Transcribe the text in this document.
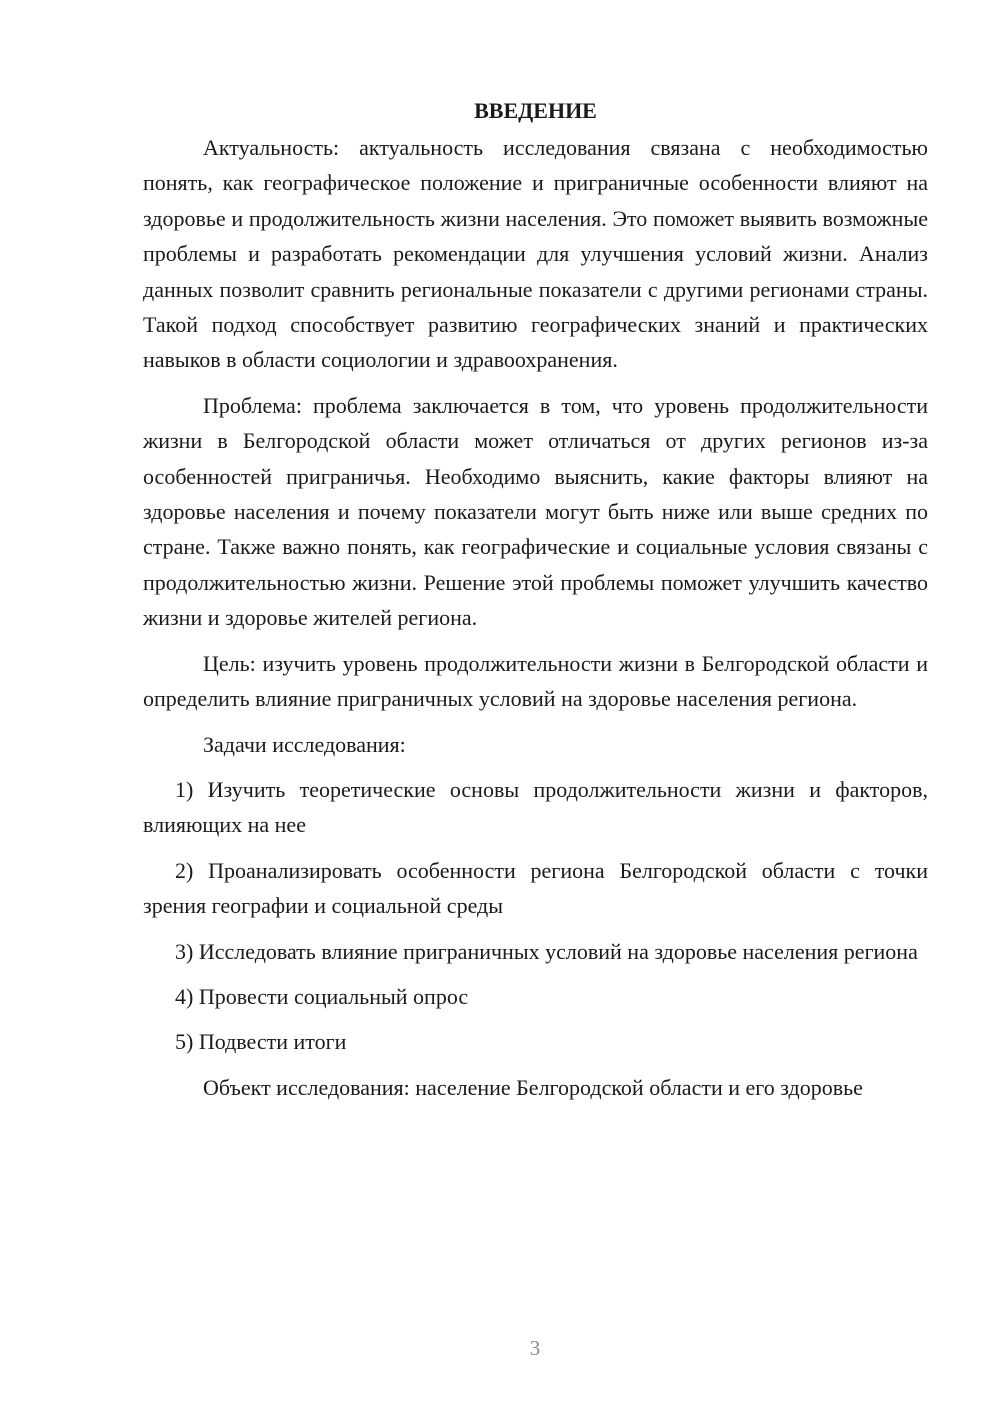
ВВЕДЕНИЕ

Актуальность: актуальность исследования связана с необходимостью понять, как географическое положение и приграничные особенности влияют на здоровье и продолжительность жизни населения. Это поможет выявить возможные проблемы и разработать рекомендации для улучшения условий жизни. Анализ данных позволит сравнить региональные показатели с другими регионами страны. Такой подход способствует развитию географических знаний и практических навыков в области социологии и здравоохранения.

Проблема: проблема заключается в том, что уровень продолжительности жизни в Белгородской области может отличаться от других регионов из-за особенностей приграничья. Необходимо выяснить, какие факторы влияют на здоровье населения и почему показатели могут быть ниже или выше средних по стране. Также важно понять, как географические и социальные условия связаны с продолжительностью жизни. Решение этой проблемы поможет улучшить качество жизни и здоровье жителей региона.

Цель: изучить уровень продолжительности жизни в Белгородской области и определить влияние приграничных условий на здоровье населения региона.

Задачи исследования:

1) Изучить теоретические основы продолжительности жизни и факторов, влияющих на нее

2) Проанализировать особенности региона Белгородской области с точки зрения географии и социальной среды

3) Исследовать влияние приграничных условий на здоровье населения региона

4) Провести социальный опрос

5) Подвести итоги

Объект исследования: население Белгородской области и его здоровье

3
